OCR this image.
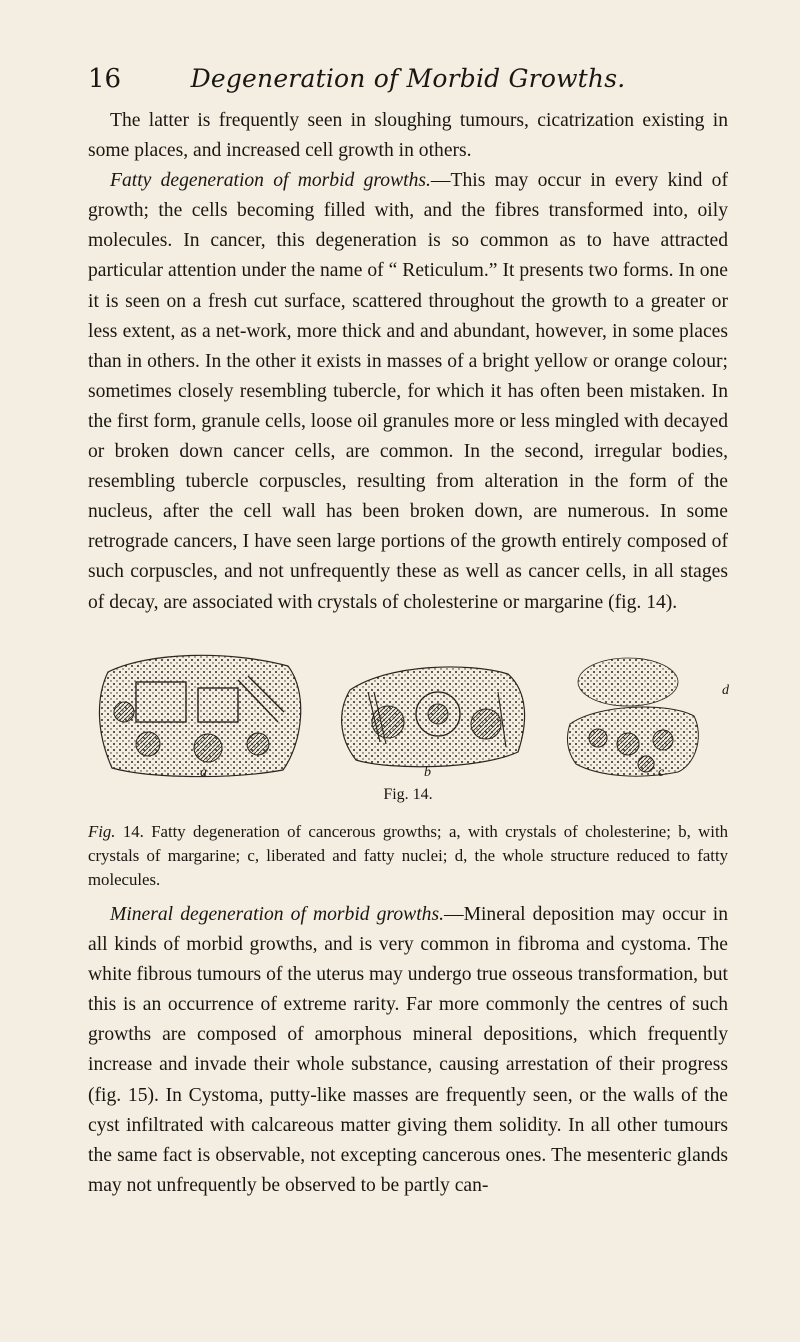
16	Degeneration of Morbid Growths.

The latter is frequently seen in sloughing tumours, cicatrization existing in some places, and increased cell growth in others.

Fatty degeneration of morbid growths.—This may occur in every kind of growth; the cells becoming filled with, and the fibres transformed into, oily molecules. In cancer, this degeneration is so common as to have attracted particular attention under the name of “ Reticulum.” It presents two forms. In one it is seen on a fresh cut surface, scattered throughout the growth to a greater or less extent, as a net-work, more thick and and abundant, however, in some places than in others. In the other it exists in masses of a bright yellow or orange colour; sometimes closely resembling tubercle, for which it has often been mistaken. In the first form, granule cells, loose oil granules more or less mingled with decayed or broken down cancer cells, are common. In the second, irregular bodies, resembling tubercle corpuscles, resulting from alteration in the form of the nucleus, after the cell wall has been broken down, are numerous. In some retrograde cancers, I have seen large portions of the growth entirely composed of such corpuscles, and not unfrequently these as well as cancer cells, in all stages of decay, are associated with crystals of cholesterine or margarine (fig. 14).

a	b	c
d
Fig. 14.
Fig. 14. Fatty degeneration of cancerous growths; a, with crystals of cholesterine; b, with crystals of margarine; c, liberated and fatty nuclei; d, the whole structure reduced to fatty molecules.

Mineral degeneration of morbid growths.—Mineral deposition may occur in all kinds of morbid growths, and is very common in fibroma and cystoma. The white fibrous tumours of the uterus may undergo true osseous transformation, but this is an occurrence of extreme rarity. Far more commonly the centres of such growths are composed of amorphous mineral depositions, which frequently increase and invade their whole substance, causing arrestation of their progress (fig. 15). In Cystoma, putty-like masses are frequently seen, or the walls of the cyst infiltrated with calcareous matter giving them solidity. In all other tumours the same fact is observable, not excepting cancerous ones. The mesenteric glands may not unfrequently be observed to be partly can-
